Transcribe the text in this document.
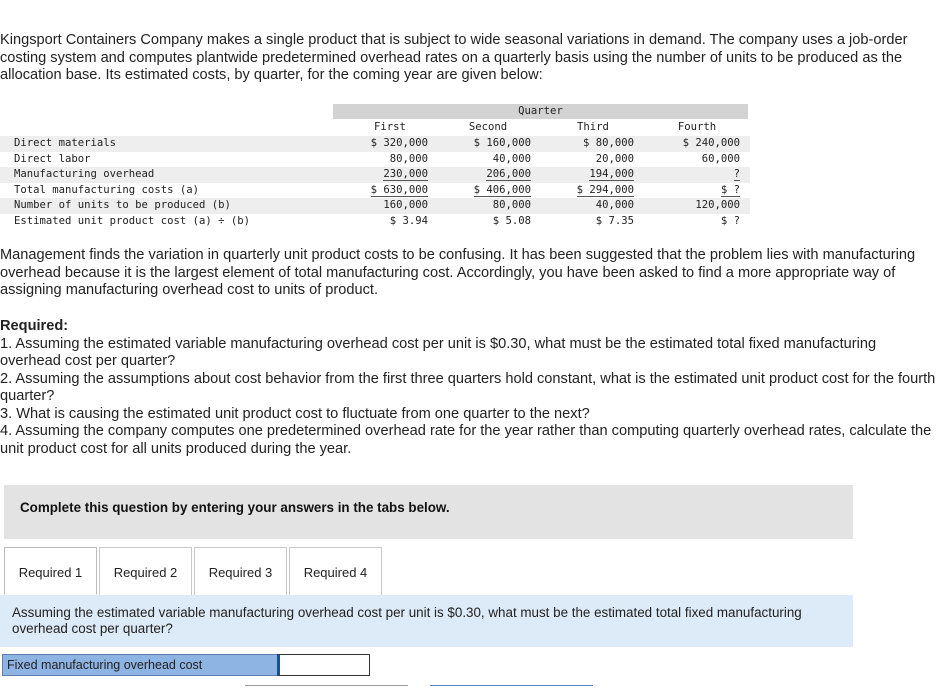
Kingsport Containers Company makes a single product that is subject to wide seasonal variations in demand. The company uses a job-order costing system and computes plantwide predetermined overhead rates on a quarterly basis using the number of units to be produced as the allocation base. Its estimated costs, by quarter, for the coming year are given below:
Quarter
First	Second	Third	Fourth
Direct materials	$ 320,000	$ 160,000	$ 80,000	$ 240,000
Direct labor	80,000	40,000	20,000	60,000
Manufacturing overhead	230,000	206,000	194,000	?
Total manufacturing costs (a)	$ 630,000	$ 406,000	$ 294,000	$ ?
Number of units to be produced (b)	160,000	80,000	40,000	120,000
Estimated unit product cost (a) ÷ (b)	$ 3.94	$ 5.08	$ 7.35	$ ?
Management finds the variation in quarterly unit product costs to be confusing. It has been suggested that the problem lies with manufacturing overhead because it is the largest element of total manufacturing cost. Accordingly, you have been asked to find a more appropriate way of assigning manufacturing overhead cost to units of product.
Required:
1. Assuming the estimated variable manufacturing overhead cost per unit is $0.30, what must be the estimated total fixed manufacturing overhead cost per quarter?
2. Assuming the assumptions about cost behavior from the first three quarters hold constant, what is the estimated unit product cost for the fourth quarter?
3. What is causing the estimated unit product cost to fluctuate from one quarter to the next?
4. Assuming the company computes one predetermined overhead rate for the year rather than computing quarterly overhead rates, calculate the unit product cost for all units produced during the year.
Complete this question by entering your answers in the tabs below.
Required 1	Required 2	Required 3	Required 4
Assuming the estimated variable manufacturing overhead cost per unit is $0.30, what must be the estimated total fixed manufacturing overhead cost per quarter?
Fixed manufacturing overhead cost
